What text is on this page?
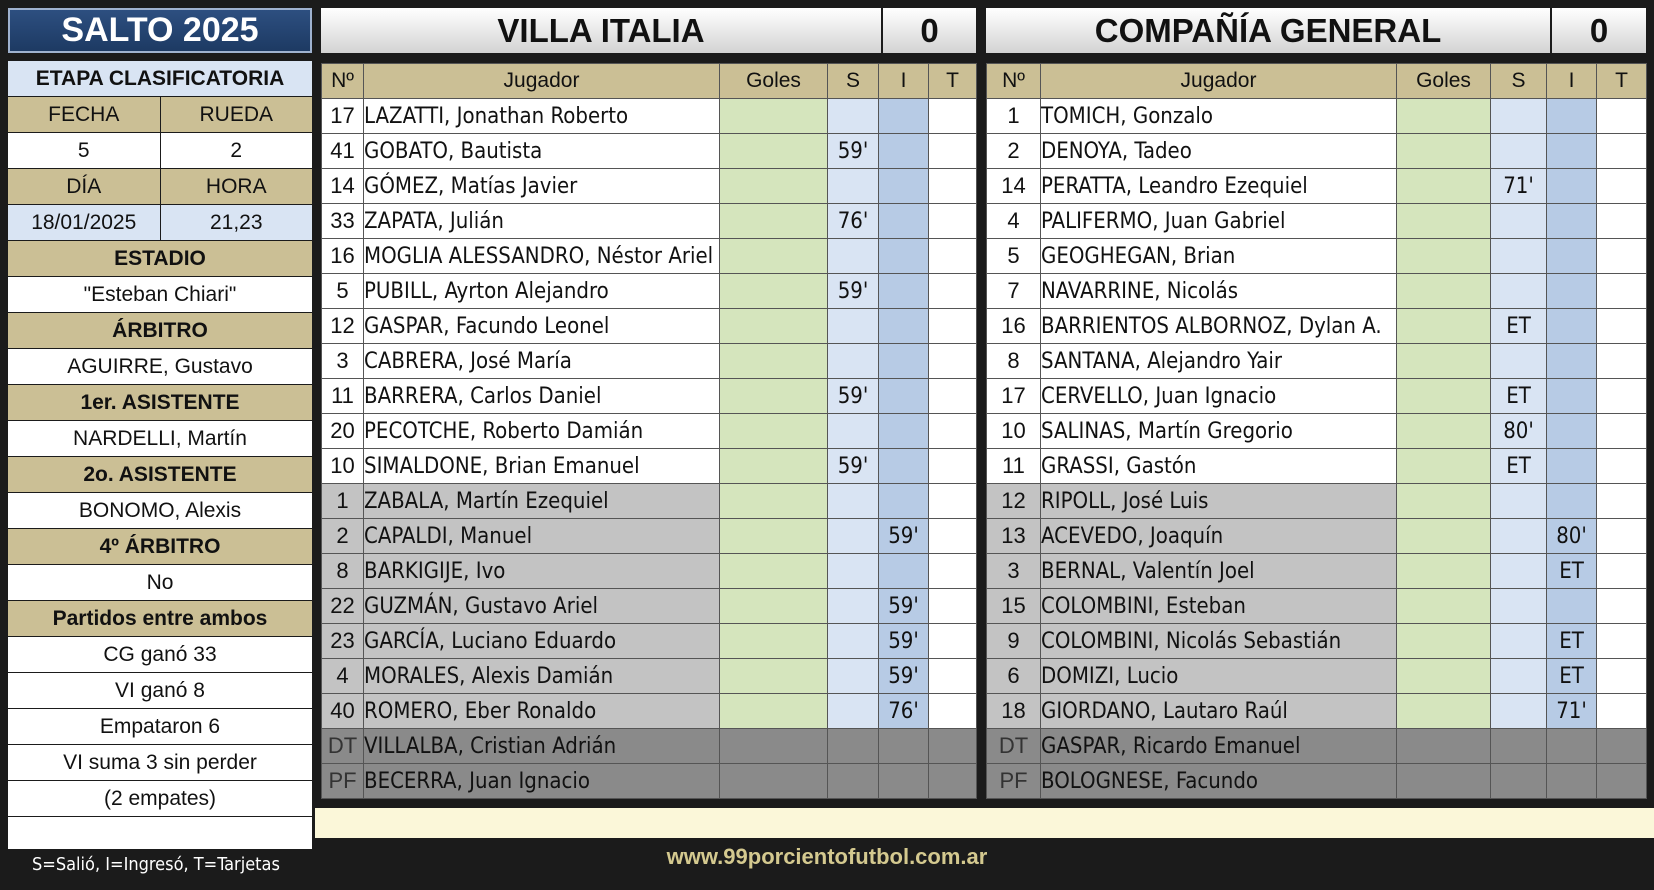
SALTO 2025
ETAPA CLASIFICATORIA
FECHA	RUEDA
5	2
DÍA	HORA
18/01/2025	21,23
ESTADIO
"Esteban Chiari"
ÁRBITRO
AGUIRRE, Gustavo
1er. ASISTENTE
NARDELLI, Martín
2o. ASISTENTE
BONOMO, Alexis
4º ÁRBITRO
No
Partidos entre ambos
CG ganó 33
VI ganó 8
Empataron 6
VI suma 3 sin perder
(2 empates)
S=Salió, I=Ingresó, T=Tarjetas
VILLA ITALIA	0
Nº	Jugador	Goles	S	I	T
17	LAZATTI, Jonathan Roberto				
41	GOBATO, Bautista		59'		
14	GÓMEZ, Matías Javier				
33	ZAPATA, Julián		76'		
16	MOGLIA ALESSANDRO, Néstor Ariel				
5	PUBILL, Ayrton Alejandro		59'		
12	GASPAR, Facundo Leonel				
3	CABRERA, José María				
11	BARRERA, Carlos Daniel		59'		
20	PECOTCHE, Roberto Damián				
10	SIMALDONE, Brian Emanuel		59'		
1	ZABALA, Martín Ezequiel				
2	CAPALDI, Manuel			59'	
8	BARKIGIJE, Ivo				
22	GUZMÁN, Gustavo Ariel			59'	
23	GARCÍA, Luciano Eduardo			59'	
4	MORALES, Alexis Damián			59'	
40	ROMERO, Eber Ronaldo			76'	
DT	VILLALBA, Cristian Adrián				
PF	BECERRA, Juan Ignacio				
COMPAÑÍA GENERAL	0
Nº	Jugador	Goles	S	I	T
1	TOMICH, Gonzalo				
2	DENOYA, Tadeo				
14	PERATTA, Leandro Ezequiel		71'		
4	PALIFERMO, Juan Gabriel				
5	GEOGHEGAN, Brian				
7	NAVARRINE, Nicolás				
16	BARRIENTOS ALBORNOZ, Dylan A.		ET		
8	SANTANA, Alejandro Yair				
17	CERVELLO, Juan Ignacio		ET		
10	SALINAS, Martín Gregorio		80'		
11	GRASSI, Gastón		ET		
12	RIPOLL, José Luis				
13	ACEVEDO, Joaquín			80'	
3	BERNAL, Valentín Joel			ET	
15	COLOMBINI, Esteban				
9	COLOMBINI, Nicolás Sebastián			ET	
6	DOMIZI, Lucio			ET	
18	GIORDANO, Lautaro Raúl			71'	
DT	GASPAR, Ricardo Emanuel				
PF	BOLOGNESE, Facundo				
www.99porcientofutbol.com.ar
